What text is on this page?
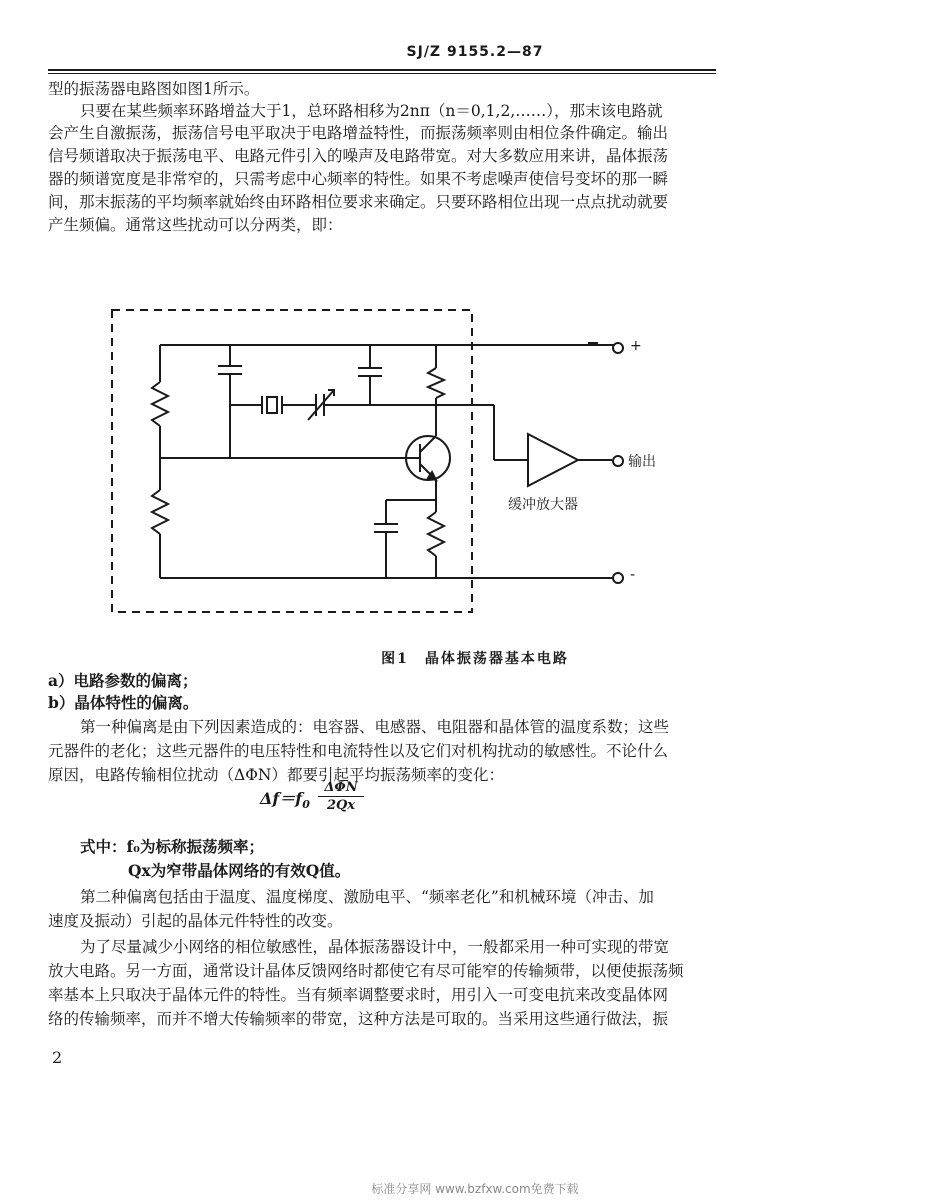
SJ/Z 9155.2—87
型的振荡器电路图如图1所示。
只要在某些频率环路增益大于1，总环路相移为2nπ（n＝0,1,2,……），那末该电路就
会产生自激振荡，振荡信号电平取决于电路增益特性，而振荡频率则由相位条件确定。输出
信号频谱取决于振荡电平、电路元件引入的噪声及电路带宽。对大多数应用来讲，晶体振荡
器的频谱宽度是非常窄的，只需考虑中心频率的特性。如果不考虑噪声使信号变坏的那一瞬
间，那末振荡的平均频率就始终由环路相位要求来确定。只要环路相位出现一点点扰动就要
产生频偏。通常这些扰动可以分两类，即：
+
输出
缓冲放大器
-
图1　晶体振荡器基本电路
a）电路参数的偏离；
b）晶体特性的偏离。
第一种偏离是由下列因素造成的：电容器、电感器、电阻器和晶体管的温度系数；这些
元器件的老化；这些元器件的电压特性和电流特性以及它们对机构扰动的敏感性。不论什么
原因，电路传输相位扰动（ΔΦN）都要引起平均振荡频率的变化：
$\Delta f=f_0$
ΔΦN
2Qx
式中：f₀为标称振荡频率；
Qx为窄带晶体网络的有效Q值。
第二种偏离包括由于温度、温度梯度、激励电平、“频率老化”和机械环境（冲击、加
速度及振动）引起的晶体元件特性的改变。
为了尽量减少小网络的相位敏感性，晶体振荡器设计中，一般都采用一种可实现的带宽
放大电路。另一方面，通常设计晶体反馈网络时都使它有尽可能窄的传输频带，以便使振荡频
率基本上只取决于晶体元件的特性。当有频率调整要求时，用引入一可变电抗来改变晶体网
络的传输频率，而并不增大传输频率的带宽，这种方法是可取的。当采用这些通行做法，振
2
标准分享网 www.bzfxw.com免费下载
